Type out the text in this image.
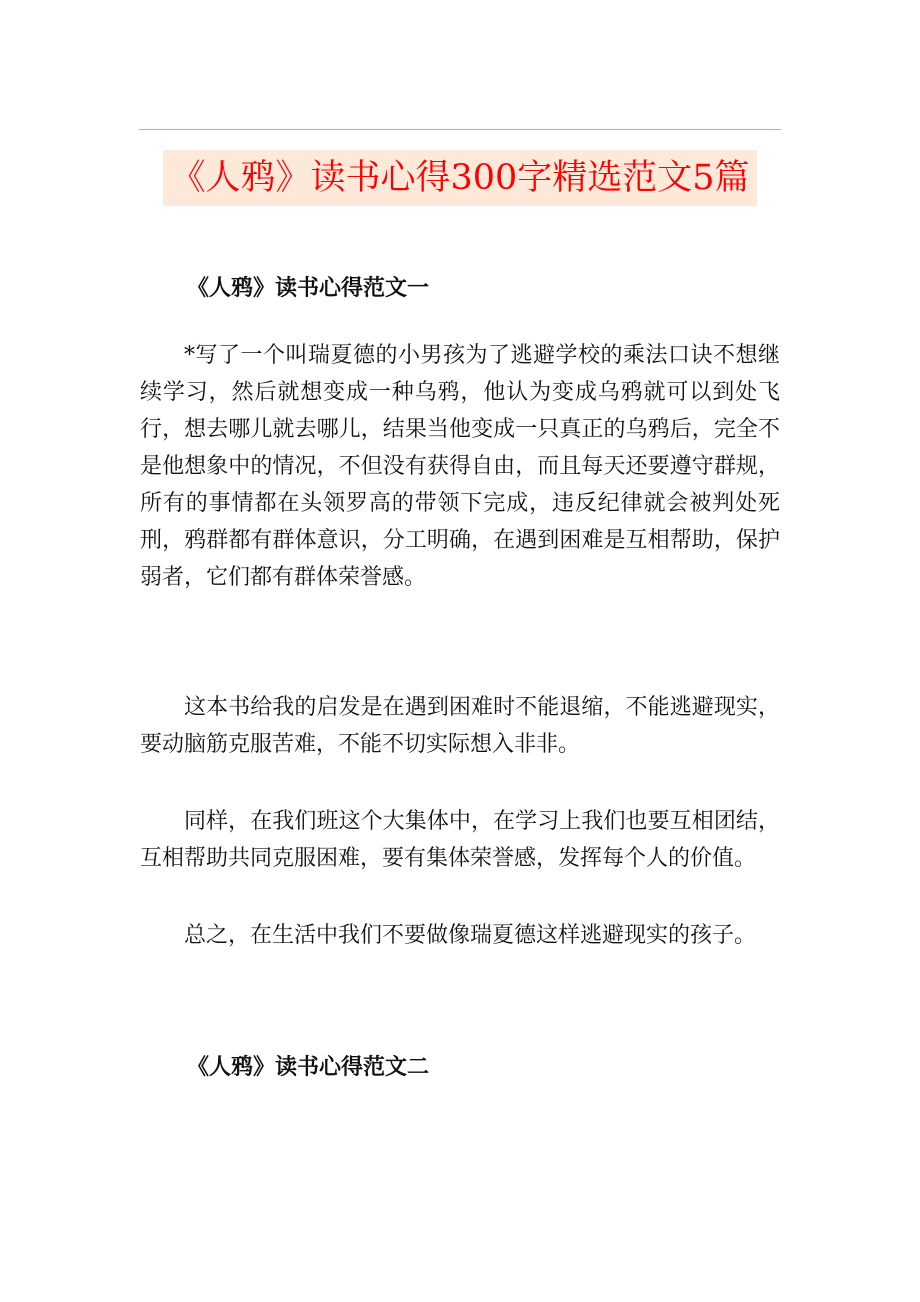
《人鸦》读书心得300字精选范文5篇
《人鸦》读书心得范文一

*写了一个叫瑞夏德的小男孩为了逃避学校的乘法口诀不想继续学习，然后就想变成一种乌鸦，他认为变成乌鸦就可以到处飞行，想去哪儿就去哪儿，结果当他变成一只真正的乌鸦后，完全不是他想象中的情况，不但没有获得自由，而且每天还要遵守群规，所有的事情都在头领罗高的带领下完成，违反纪律就会被判处死刑，鸦群都有群体意识，分工明确，在遇到困难是互相帮助，保护弱者，它们都有群体荣誉感。

这本书给我的启发是在遇到困难时不能退缩，不能逃避现实，要动脑筋克服苦难，不能不切实际想入非非。

同样，在我们班这个大集体中，在学习上我们也要互相团结，互相帮助共同克服困难，要有集体荣誉感，发挥每个人的价值。

总之，在生活中我们不要做像瑞夏德这样逃避现实的孩子。

《人鸦》读书心得范文二
